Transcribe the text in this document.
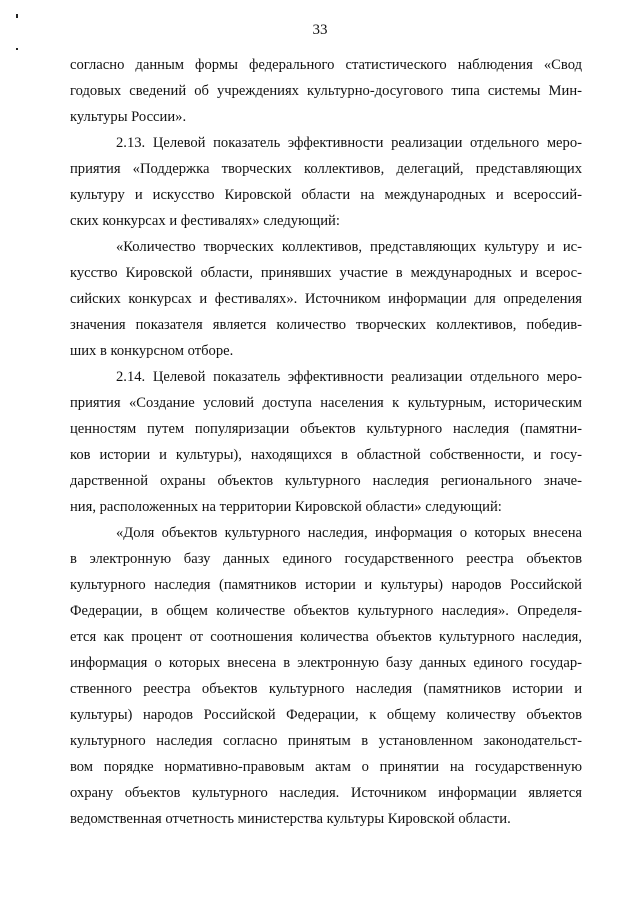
33
согласно данным формы федерального статистического наблюдения «Свод
годовых сведений об учреждениях культурно-досугового типа системы Мин-
культуры России».
2.13. Целевой показатель эффективности реализации отдельного меро-
приятия «Поддержка творческих коллективов, делегаций, представляющих
культуру и искусство Кировской области на международных и всероссий-
ских конкурсах и фестивалях» следующий:
«Количество творческих коллективов, представляющих культуру и ис-
кусство Кировской области, принявших участие в международных и всерос-
сийских конкурсах и фестивалях». Источником информации для определения
значения показателя является количество творческих коллективов, победив-
ших в конкурсном отборе.
2.14. Целевой показатель эффективности реализации отдельного меро-
приятия «Создание условий доступа населения к культурным, историческим
ценностям путем популяризации объектов культурного наследия (памятни-
ков истории и культуры), находящихся в областной собственности, и госу-
дарственной охраны объектов культурного наследия регионального значе-
ния, расположенных на территории Кировской области» следующий:
«Доля объектов культурного наследия, информация о которых внесена
в электронную базу данных единого государственного реестра объектов
культурного наследия (памятников истории и культуры) народов Российской
Федерации, в общем количестве объектов культурного наследия». Определя-
ется как процент от соотношения количества объектов культурного наследия,
информация о которых внесена в электронную базу данных единого государ-
ственного реестра объектов культурного наследия (памятников истории и
культуры) народов Российской Федерации, к общему количеству объектов
культурного наследия согласно принятым в установленном законодательст-
вом порядке нормативно-правовым актам о принятии на государственную
охрану объектов культурного наследия. Источником информации является
ведомственная отчетность министерства культуры Кировской области.
